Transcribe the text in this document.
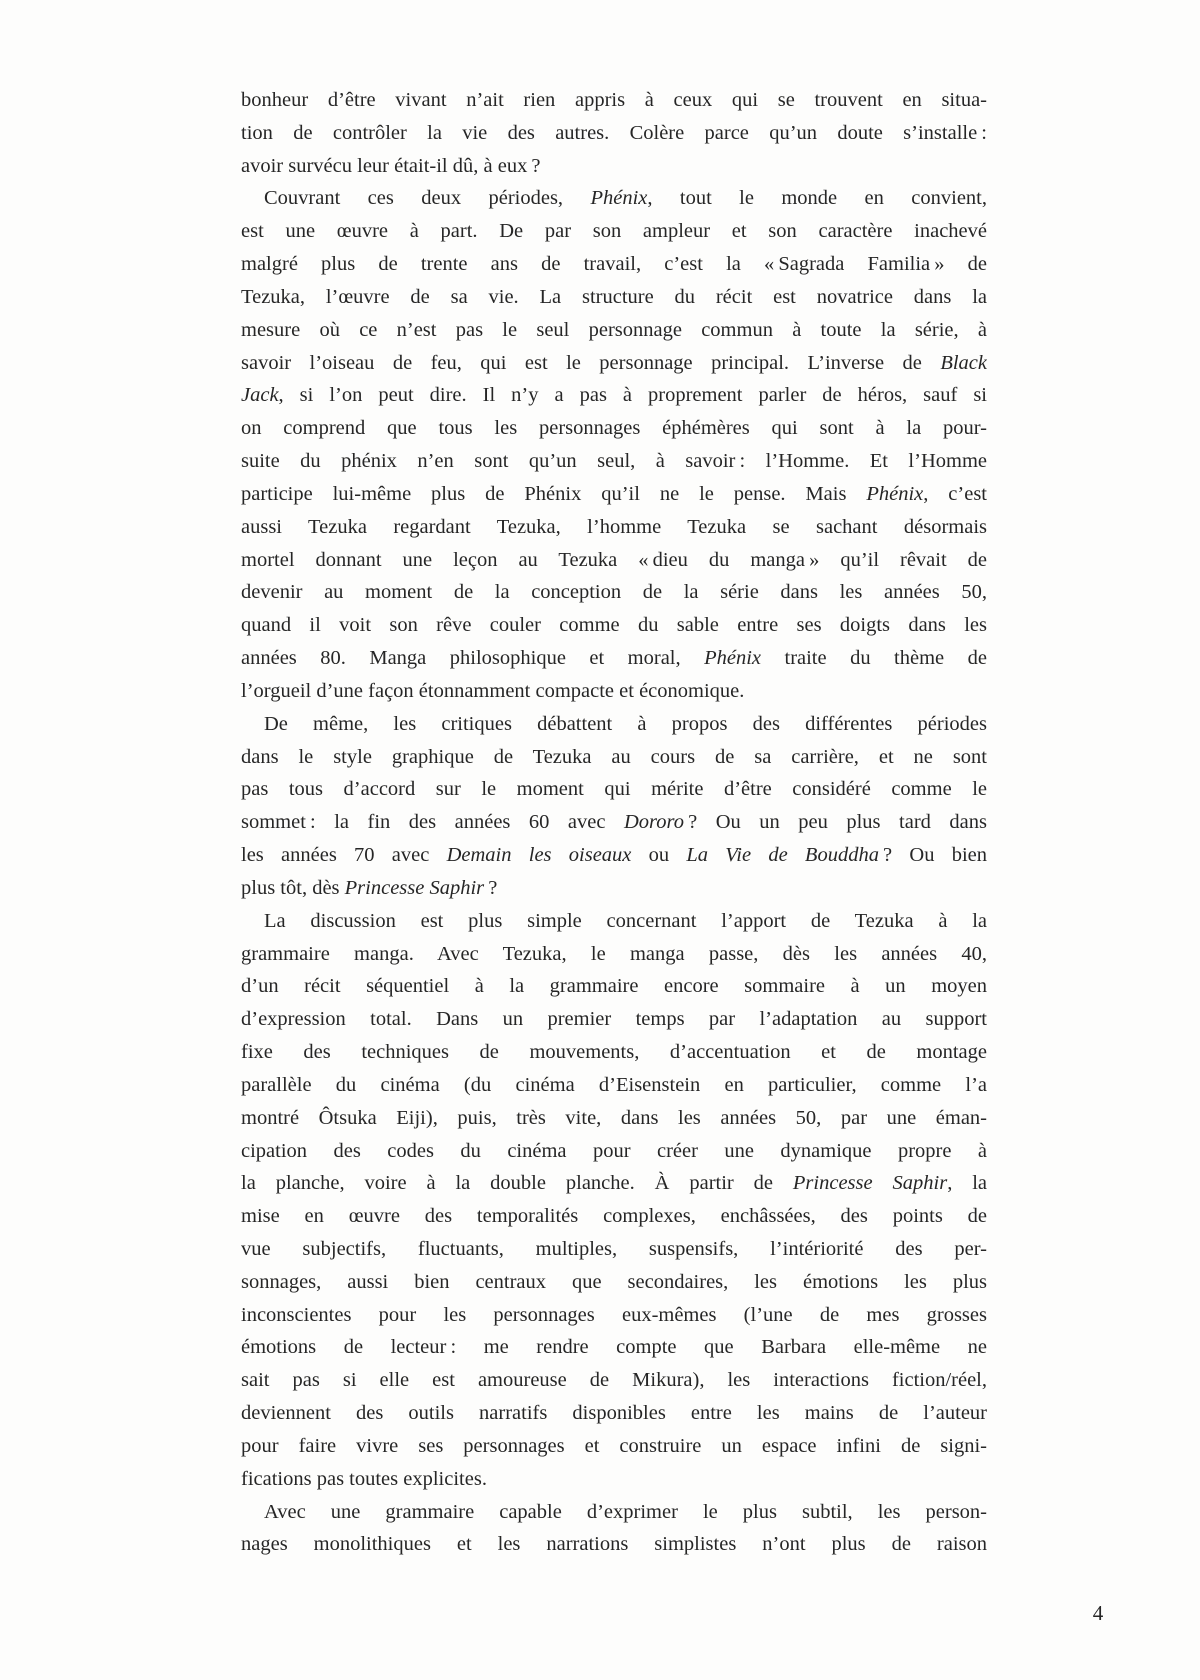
bonheur d’être vivant n’ait rien appris à ceux qui se trouvent en situa-
tion de contrôler la vie des autres. Colère parce qu’un doute s’installe :
avoir survécu leur était-il dû, à eux ?
Couvrant ces deux périodes, Phénix, tout le monde en convient,
est une œuvre à part. De par son ampleur et son caractère inachevé
malgré plus de trente ans de travail, c’est la « Sagrada Familia » de
Tezuka, l’œuvre de sa vie. La structure du récit est novatrice dans la
mesure où ce n’est pas le seul personnage commun à toute la série, à
savoir l’oiseau de feu, qui est le personnage principal. L’inverse de Black
Jack, si l’on peut dire. Il n’y a pas à proprement parler de héros, sauf si
on comprend que tous les personnages éphémères qui sont à la pour-
suite du phénix n’en sont qu’un seul, à savoir : l’Homme. Et l’Homme
participe lui-même plus de Phénix qu’il ne le pense. Mais Phénix, c’est
aussi Tezuka regardant Tezuka, l’homme Tezuka se sachant désormais
mortel donnant une leçon au Tezuka « dieu du manga » qu’il rêvait de
devenir au moment de la conception de la série dans les années 50,
quand il voit son rêve couler comme du sable entre ses doigts dans les
années 80. Manga philosophique et moral, Phénix traite du thème de
l’orgueil d’une façon étonnamment compacte et économique.
De même, les critiques débattent à propos des différentes périodes
dans le style graphique de Tezuka au cours de sa carrière, et ne sont
pas tous d’accord sur le moment qui mérite d’être considéré comme le
sommet : la fin des années 60 avec Dororo ? Ou un peu plus tard dans
les années 70 avec Demain les oiseaux ou La Vie de Bouddha ? Ou bien
plus tôt, dès Princesse Saphir ?
La discussion est plus simple concernant l’apport de Tezuka à la
grammaire manga. Avec Tezuka, le manga passe, dès les années 40,
d’un récit séquentiel à la grammaire encore sommaire à un moyen
d’expression total. Dans un premier temps par l’adaptation au support
fixe des techniques de mouvements, d’accentuation et de montage
parallèle du cinéma (du cinéma d’Eisenstein en particulier, comme l’a
montré Ôtsuka Eiji), puis, très vite, dans les années 50, par une éman-
cipation des codes du cinéma pour créer une dynamique propre à
la planche, voire à la double planche. À partir de Princesse Saphir, la
mise en œuvre des temporalités complexes, enchâssées, des points de
vue subjectifs, fluctuants, multiples, suspensifs, l’intériorité des per-
sonnages, aussi bien centraux que secondaires, les émotions les plus
inconscientes pour les personnages eux-mêmes (l’une de mes grosses
émotions de lecteur : me rendre compte que Barbara elle-même ne
sait pas si elle est amoureuse de Mikura), les interactions fiction/réel,
deviennent des outils narratifs disponibles entre les mains de l’auteur
pour faire vivre ses personnages et construire un espace infini de signi-
fications pas toutes explicites.
Avec une grammaire capable d’exprimer le plus subtil, les person-
nages monolithiques et les narrations simplistes n’ont plus de raison
4
